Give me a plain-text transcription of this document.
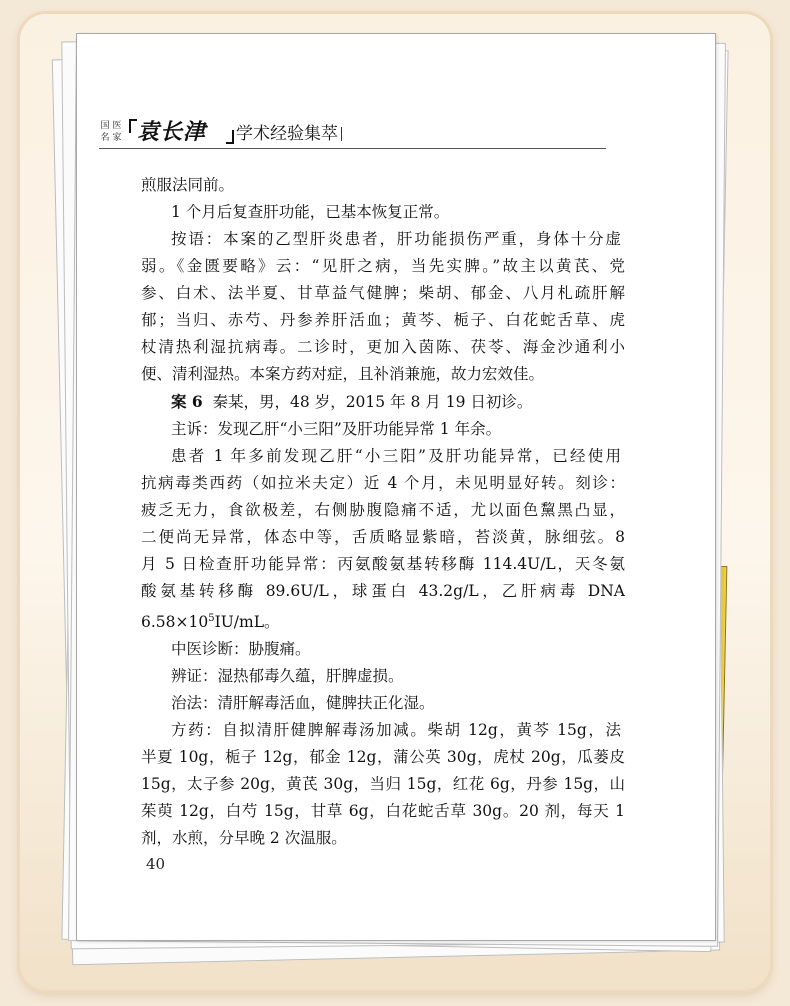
国 医
名 家 袁长津 学术经验集萃

煎服法同前。

1 个月后复查肝功能，已基本恢复正常。

按语：本案的乙型肝炎患者，肝功能损伤严重，身体十分虚
弱。《金匮要略》云：“见肝之病，当先实脾。”故主以黄芪、党
参、白术、法半夏、甘草益气健脾；柴胡、郁金、八月札疏肝解
郁；当归、赤芍、丹参养肝活血；黄芩、栀子、白花蛇舌草、虎
杖清热利湿抗病毒。二诊时，更加入茵陈、茯苓、海金沙通利小
便、清利湿热。本案方药对症，且补消兼施，故力宏效佳。

案 6 秦某，男，48 岁，2015 年 8 月 19 日初诊。

主诉：发现乙肝“小三阳”及肝功能异常 1 年余。

患者 1 年多前发现乙肝“小三阳”及肝功能异常，已经使用
抗病毒类西药（如拉米夫定）近 4 个月，未见明显好转。刻诊：
疲乏无力，食欲极差，右侧胁腹隐痛不适，尤以面色黧黑凸显，
二便尚无异常，体态中等，舌质略显紫暗，苔淡黄，脉细弦。8
月 5 日检查肝功能异常：丙氨酸氨基转移酶 114.4U/L，天冬氨
酸氨基转移酶 89.6U/L，球蛋白 43.2g/L，乙肝病毒 DNA
$6.58\times 10^5IU/mL$。

中医诊断：胁腹痛。

辨证：湿热郁毒久蕴，肝脾虚损。

治法：清肝解毒活血，健脾扶正化湿。

方药：自拟清肝健脾解毒汤加减。柴胡 12g，黄芩 15g，法
半夏 10g，栀子 12g，郁金 12g，蒲公英 30g，虎杖 20g，瓜蒌皮
15g，太子参 20g，黄芪 30g，当归 15g，红花 6g，丹参 15g，山
茱萸 12g，白芍 15g，甘草 6g，白花蛇舌草 30g。20 剂，每天 1
剂，水煎，分早晚 2 次温服。

40
